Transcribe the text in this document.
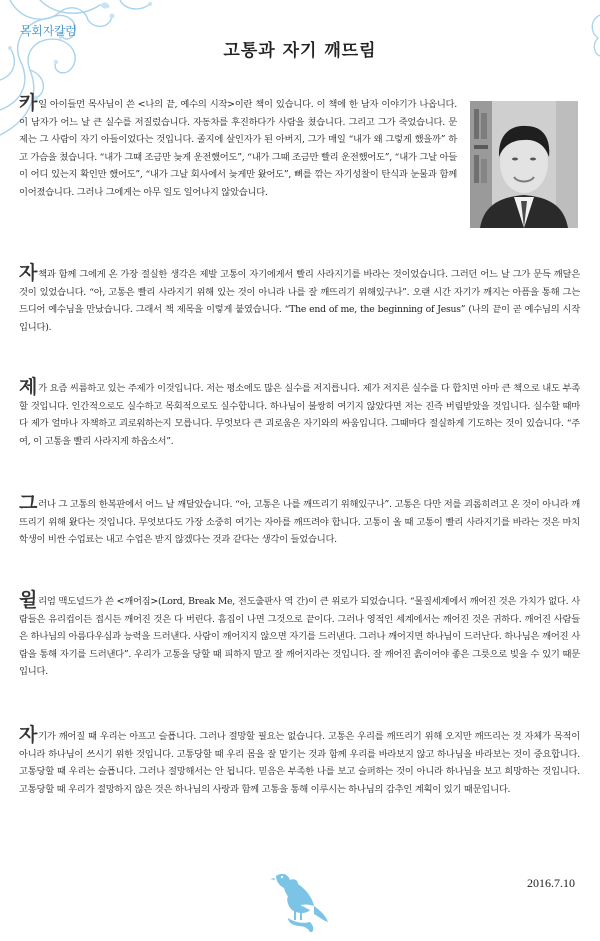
목회자칼럼
고통과 자기 깨뜨림

카일 아이들먼 목사님이 쓴 <나의 끝, 예수의 시작>이란 책이 있습니다. 이 책에 한 남자 이야기가 나옵니다. 이 남자가 어느 날 큰 실수를 저질렀습니다. 자동차를 후진하다가 사람을 쳤습니다. 그리고 그가 죽었습니다. 문제는 그 사람이 자기 아들이었다는 것입니다. 졸지에 살인자가 된 아버지, 그가 매일 “내가 왜 그렇게 했을까” 하고 가슴을 쳤습니다. “내가 그때 조금만 늦게 운전했어도”, “내가 그때 조금만 빨리 운전했어도”, “내가 그날 아들이 어디 있는지 확인만 했어도”, “내가 그날 회사에서 늦게만 왔어도”, 뼈를 깎는 자기성찰이 탄식과 눈물과 함께 이어졌습니다. 그러나 그에게는 아무 일도 일어나지 않았습니다.

자책과 함께 그에게 온 가장 절실한 생각은 제발 고통이 자기에게서 빨리 사라지기를 바라는 것이었습니다. 그러던 어느 날 그가 문득 깨달은 것이 있었습니다. “아, 고통은 빨리 사라지기 위해 있는 것이 아니라 나를 잘 깨뜨리기 위해있구나”. 오랜 시간 자기가 깨지는 아픔을 통해 그는 드디어 예수님을 만났습니다. 그래서 책 제목을 이렇게 붙였습니다. “The end of me, the beginning of Jesus” (나의 끝이 곧 예수님의 시작입니다).

제가 요즘 씨름하고 있는 주제가 이것입니다. 저는 평소에도 많은 실수를 저지릅니다. 제가 저지른 실수를 다 합치면 아마 큰 책으로 내도 부족할 것입니다. 인간적으로도 실수하고 목회적으로도 실수합니다. 하나님이 불쌍히 여기지 않았다면 저는 진즉 버림받았을 것입니다. 실수할 때마다 제가 얼마나 자책하고 괴로워하는지 모릅니다. 무엇보다 큰 괴로움은 자기와의 싸움입니다. 그때마다 절실하게 기도하는 것이 있습니다. “주여, 이 고통을 빨리 사라지게 하옵소서”.

그러나 그 고통의 한복판에서 어느 날 깨달았습니다. “아, 고통은 나를 깨뜨리기 위해있구나”. 고통은 다만 저를 괴롭히려고 온 것이 아니라 깨뜨리기 위해 왔다는 것입니다. 무엇보다도 가장 소중히 여기는 자아를 깨뜨려야 합니다. 고통이 올 때 고통이 빨리 사라지기를 바라는 것은 마치 학생이 비싼 수업료는 내고 수업은 받지 않겠다는 것과 같다는 생각이 들었습니다.

윌리엄 맥도널드가 쓴 <깨어짐>(Lord, Break Me, 전도출판사 역 간)이 큰 위로가 되었습니다. “물질세계에서 깨어진 것은 가치가 없다. 사람들은 유리컵이든 접시든 깨어진 것은 다 버린다. 흠집이 나면 그것으로 끝이다. 그러나 영적인 세계에서는 깨어진 것은 귀하다. 깨어진 사람들은 하나님의 아름다우심과 능력을 드러낸다. 사람이 깨어지지 않으면 자기를 드러낸다. 그러나 깨어지면 하나님이 드러난다. 하나님은 깨어진 사람을 통해 자기를 드러낸다”. 우리가 고통을 당할 때 피하지 말고 잘 깨어지라는 것입니다. 잘 깨어진 흙이어야 좋은 그릇으로 빚을 수 있기 때문입니다.

자기가 깨어질 때 우리는 아프고 슬픕니다. 그러나 절망할 필요는 없습니다. 고통은 우리를 깨뜨리기 위해 오지만 깨뜨리는 것 자체가 목적이 아니라 하나님이 쓰시기 위한 것입니다. 고통당할 때 우리 몸을 잘 맡기는 것과 함께 우리를 바라보지 않고 하나님을 바라보는 것이 중요합니다. 고통당할 때 우리는 슬픕니다. 그러나 절망해서는 안 됩니다. 믿음은 부족한 나를 보고 슬퍼하는 것이 아니라 하나님을 보고 희망하는 것입니다. 고통당할 때 우리가 절망하지 않은 것은 하나님의 사랑과 함께 고통을 통해 이루시는 하나님의 감추인 계획이 있기 때문입니다.

2016.7.10
